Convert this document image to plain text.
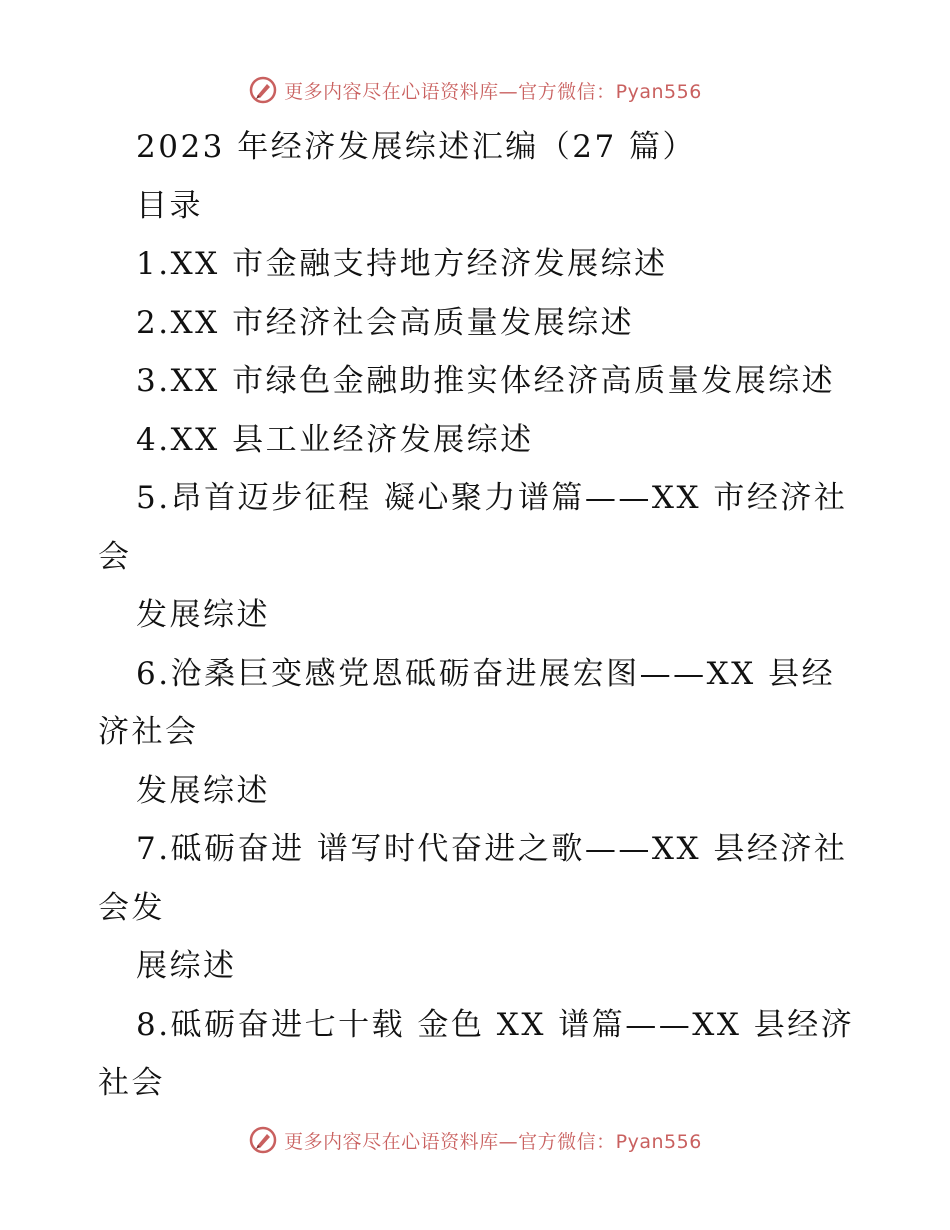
更多内容尽在心语资料库—官方微信：Pyan556
2023 年经济发展综述汇编（27 篇）
目录
1.XX 市金融支持地方经济发展综述
2.XX 市经济社会高质量发展综述
3.XX 市绿色金融助推实体经济高质量发展综述
4.XX 县工业经济发展综述
5.昂首迈步征程 凝心聚力谱篇——XX 市经济社
会
发展综述
6.沧桑巨变感党恩砥砺奋进展宏图——XX 县经
济社会
发展综述
7.砥砺奋进 谱写时代奋进之歌——XX 县经济社
会发
展综述
8.砥砺奋进七十载 金色 XX 谱篇——XX 县经济
社会
更多内容尽在心语资料库—官方微信：Pyan556
